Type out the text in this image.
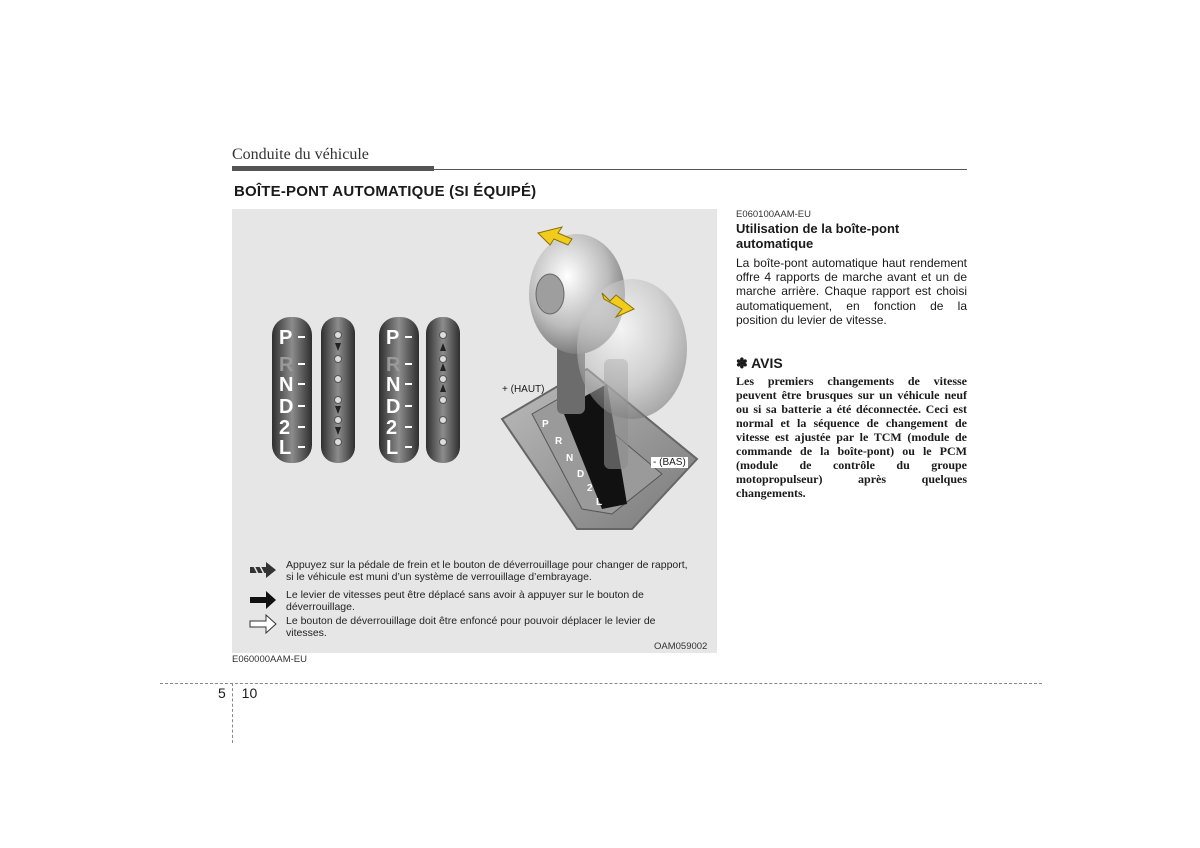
Conduite du véhicule
BOÎTE-PONT AUTOMATIQUE (SI ÉQUIPÉ)
P
R
N
D
2
L
P
R
N
D
2
L
P
R
N
D
2
L
Appuyez sur la pédale de frein et le bouton de déverrouillage pour changer de rapport, si le véhicule est muni d’un système de verrouillage d’embrayage.
Le levier de vitesses peut être déplacé sans avoir à appuyer sur le bouton de déverrouillage.
Le bouton de déverrouillage doit être enfoncé pour pouvoir déplacer le levier de vitesses.
+ (HAUT)
- (BAS)
OAM059002
E060000AAM-EU
E060100AAM-EU
Utilisation de la boîte-pont automatique
La boîte-pont automatique haut rendement offre 4 rapports de marche avant et un de marche arrière. Chaque rapport est choisi automatiquement, en fonction de la position du levier de vitesse.
✽ AVIS
Les premiers changements de vitesse peuvent être brusques sur un véhicule neuf ou si sa batterie a été déconnectée. Ceci est normal et la séquence de changement de vitesse est ajustée par le TCM (module de commande de la boîte-pont) ou le PCM (module de contrôle du groupe motopropulseur) après quelques changements.
5 10
